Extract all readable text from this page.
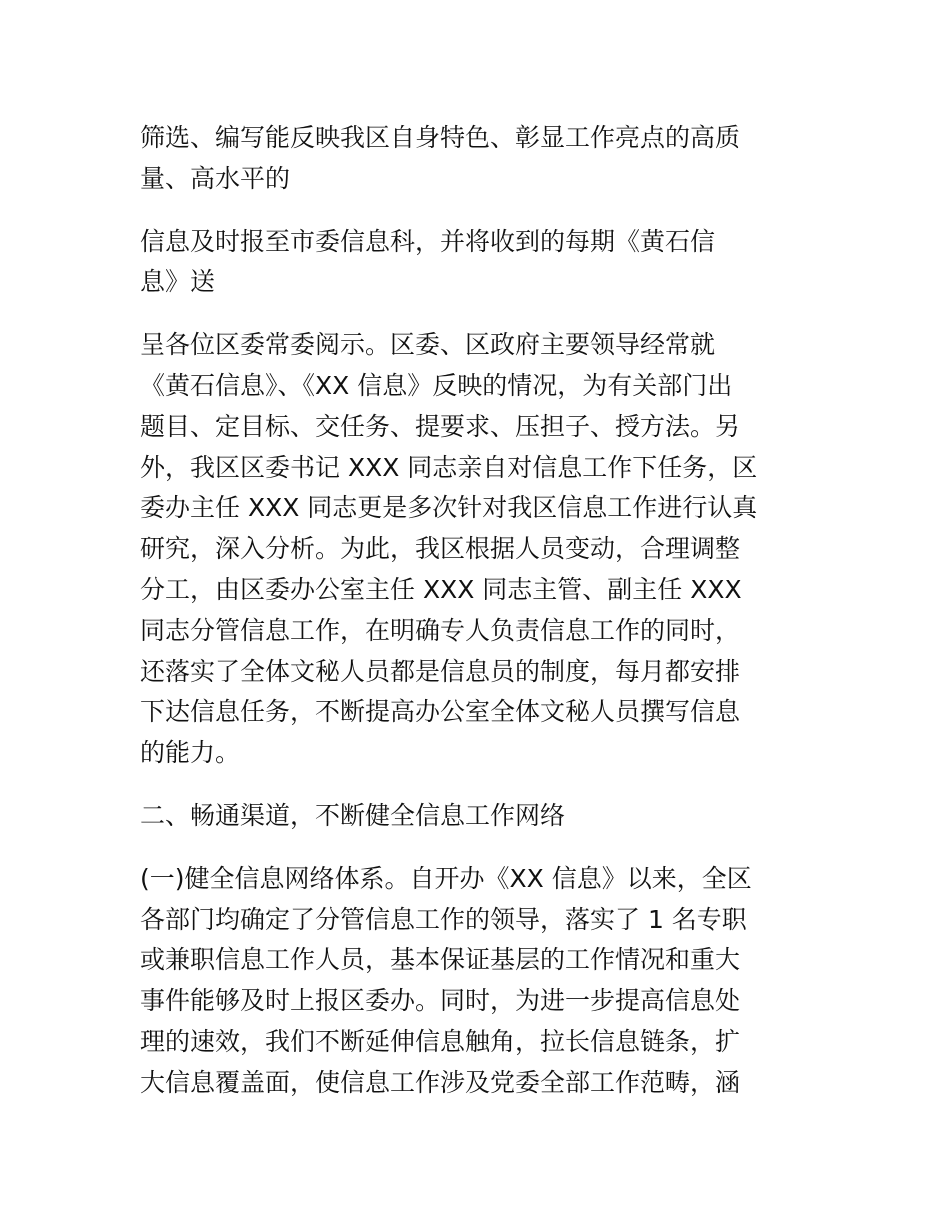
筛选、编写能反映我区自身特色、彰显工作亮点的高质
量、高水平的

信息及时报至市委信息科，并将收到的每期《黄石信
息》送

呈各位区委常委阅示。区委、区政府主要领导经常就
《黄石信息》、《XX 信息》反映的情况，为有关部门出
题目、定目标、交任务、提要求、压担子、授方法。另
外，我区区委书记 XXX 同志亲自对信息工作下任务，区
委办主任 XXX 同志更是多次针对我区信息工作进行认真
研究，深入分析。为此，我区根据人员变动，合理调整
分工，由区委办公室主任 XXX 同志主管、副主任 XXX
同志分管信息工作，在明确专人负责信息工作的同时，
还落实了全体文秘人员都是信息员的制度，每月都安排
下达信息任务，不断提高办公室全体文秘人员撰写信息
的能力。

二、畅通渠道，不断健全信息工作网络

(一)健全信息网络体系。自开办《XX 信息》以来，全区
各部门均确定了分管信息工作的领导，落实了 1 名专职
或兼职信息工作人员，基本保证基层的工作情况和重大
事件能够及时上报区委办。同时，为进一步提高信息处
理的速效，我们不断延伸信息触角，拉长信息链条，扩
大信息覆盖面，使信息工作涉及党委全部工作范畴，涵
